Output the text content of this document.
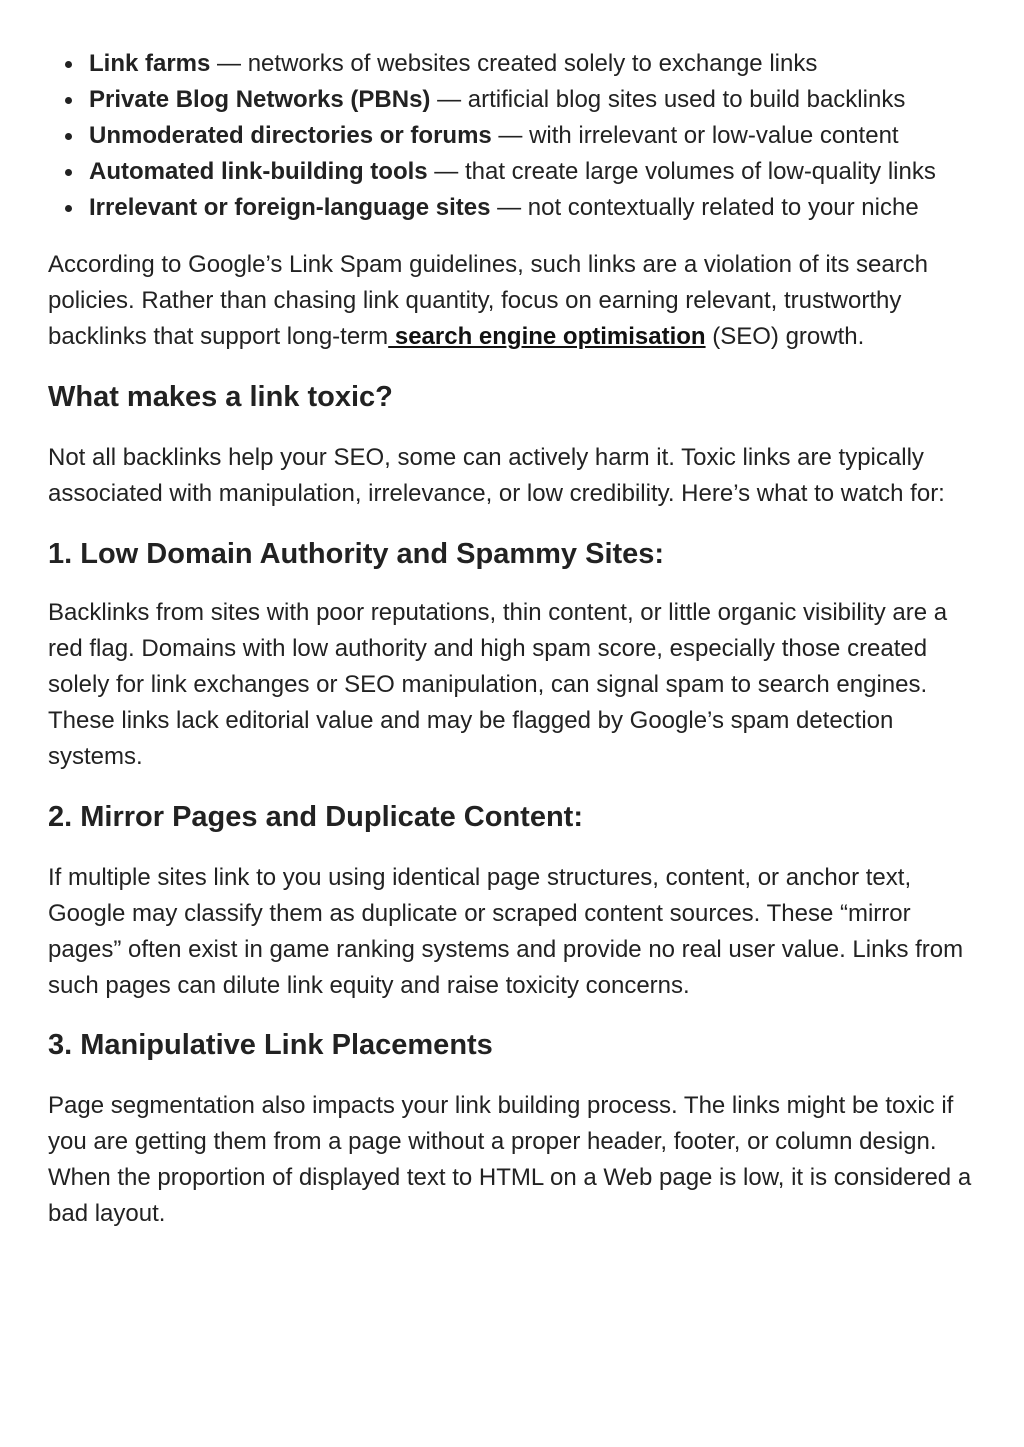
Link farms — networks of websites created solely to exchange links
Private Blog Networks (PBNs) — artificial blog sites used to build backlinks
Unmoderated directories or forums — with irrelevant or low-value content
Automated link-building tools — that create large volumes of low-quality links
Irrelevant or foreign-language sites — not contextually related to your niche

According to Google’s Link Spam guidelines, such links are a violation of its search policies. Rather than chasing link quantity, focus on earning relevant, trustworthy backlinks that support long-term search engine optimisation (SEO) growth.

What makes a link toxic?

Not all backlinks help your SEO, some can actively harm it. Toxic links are typically associated with manipulation, irrelevance, or low credibility. Here’s what to watch for:

1. Low Domain Authority and Spammy Sites:

Backlinks from sites with poor reputations, thin content, or little organic visibility are a red flag. Domains with low authority and high spam score, especially those created solely for link exchanges or SEO manipulation, can signal spam to search engines. These links lack editorial value and may be flagged by Google’s spam detection systems.

2. Mirror Pages and Duplicate Content:

If multiple sites link to you using identical page structures, content, or anchor text, Google may classify them as duplicate or scraped content sources. These “mirror pages” often exist in game ranking systems and provide no real user value. Links from such pages can dilute link equity and raise toxicity concerns.

3. Manipulative Link Placements

Page segmentation also impacts your link building process. The links might be toxic if you are getting them from a page without a proper header, footer, or column design. When the proportion of displayed text to HTML on a Web page is low, it is considered a bad layout.
